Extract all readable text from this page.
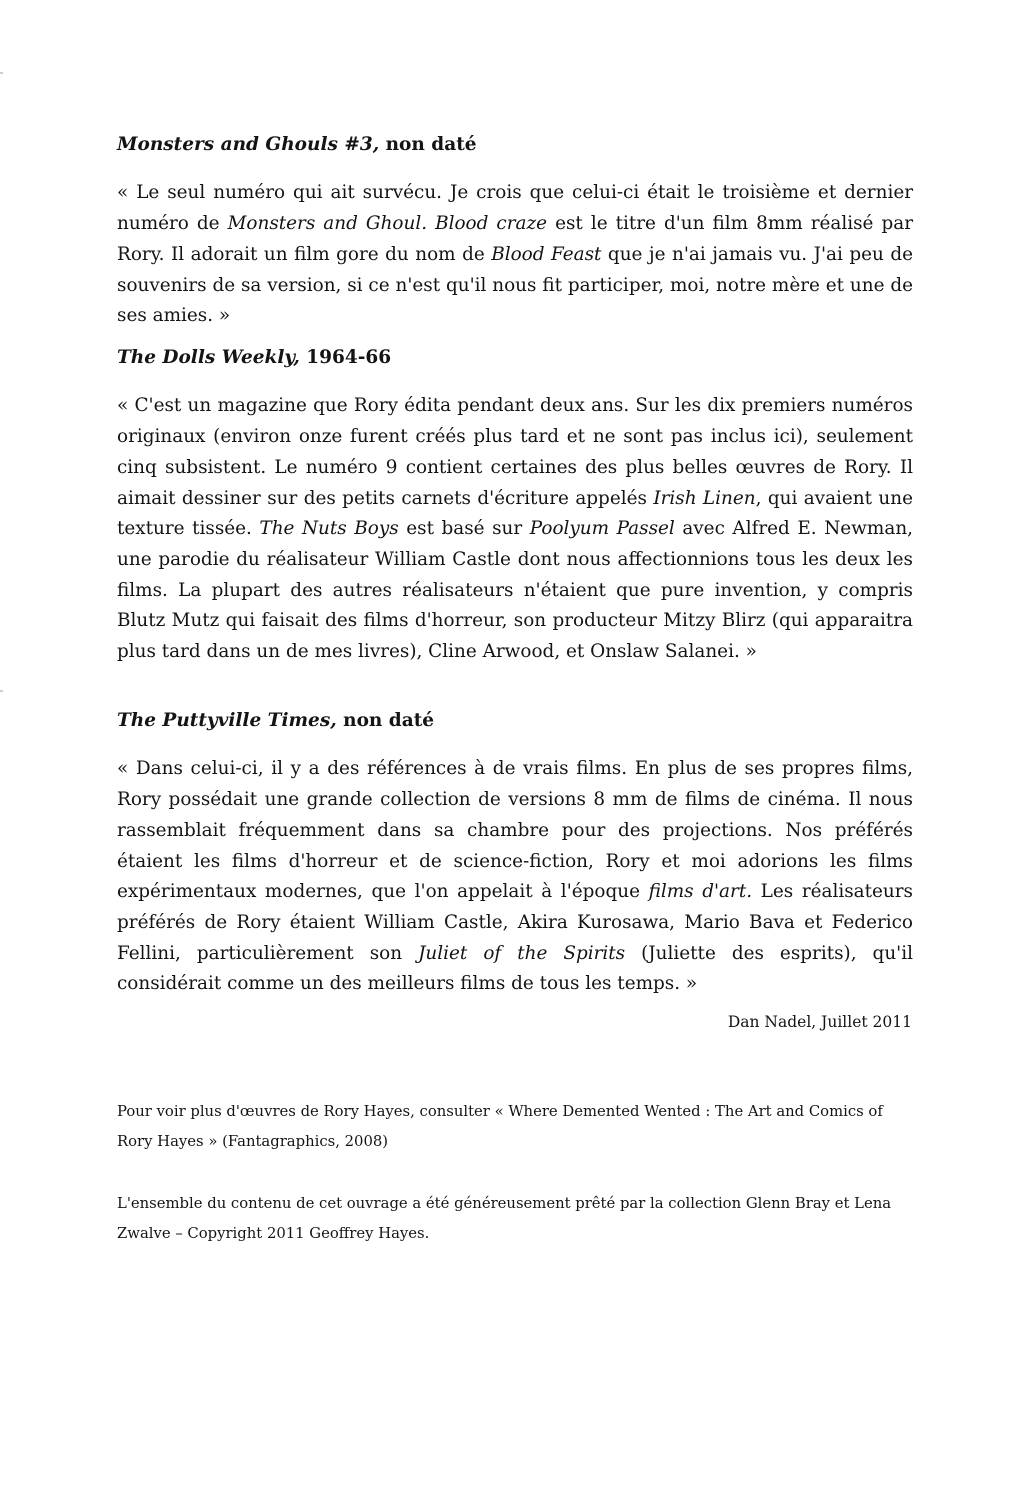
Monsters and Ghouls #3, non daté

« Le seul numéro qui ait survécu. Je crois que celui-ci était le troisième et dernier numéro de Monsters and Ghoul. Blood craze est le titre d'un film 8mm réalisé par Rory. Il adorait un film gore du nom de Blood Feast que je n'ai jamais vu. J'ai peu de souvenirs de sa version, si ce n'est qu'il nous fit participer, moi, notre mère et une de ses amies. »

The Dolls Weekly, 1964-66

« C'est un magazine que Rory édita pendant deux ans. Sur les dix premiers numéros originaux (environ onze furent créés plus tard et ne sont pas inclus ici), seulement cinq subsistent. Le numéro 9 contient certaines des plus belles œuvres de Rory. Il aimait dessiner sur des petits carnets d'écriture appelés Irish Linen, qui avaient une texture tissée. The Nuts Boys est basé sur Poolyum Passel avec Alfred E. Newman, une parodie du réalisateur William Castle dont nous affectionnions tous les deux les films. La plupart des autres réalisateurs n'étaient que pure invention, y compris Blutz Mutz qui faisait des films d'horreur, son producteur Mitzy Blirz (qui apparaitra plus tard dans un de mes livres), Cline Arwood, et Onslaw Salanei. »

The Puttyville Times, non daté

« Dans celui-ci, il y a des références à de vrais films. En plus de ses propres films, Rory possédait une grande collection de versions 8 mm de films de cinéma. Il nous rassemblait fréquemment dans sa chambre pour des projections. Nos préférés étaient les films d'horreur et de science-fiction, Rory et moi adorions les films expérimentaux modernes, que l'on appelait à l'époque films d'art. Les réalisateurs préférés de Rory étaient William Castle, Akira Kurosawa, Mario Bava et Federico Fellini, particulièrement son Juliet of the Spirits (Juliette des esprits), qu'il considérait comme un des meilleurs films de tous les temps. »

Dan Nadel, Juillet 2011
Pour voir plus d'œuvres de Rory Hayes, consulter « Where Demented Wented : The Art and Comics of Rory Hayes » (Fantagraphics, 2008)
L'ensemble du contenu de cet ouvrage a été généreusement prêté par la collection Glenn Bray et Lena Zwalve – Copyright 2011 Geoffrey Hayes.
